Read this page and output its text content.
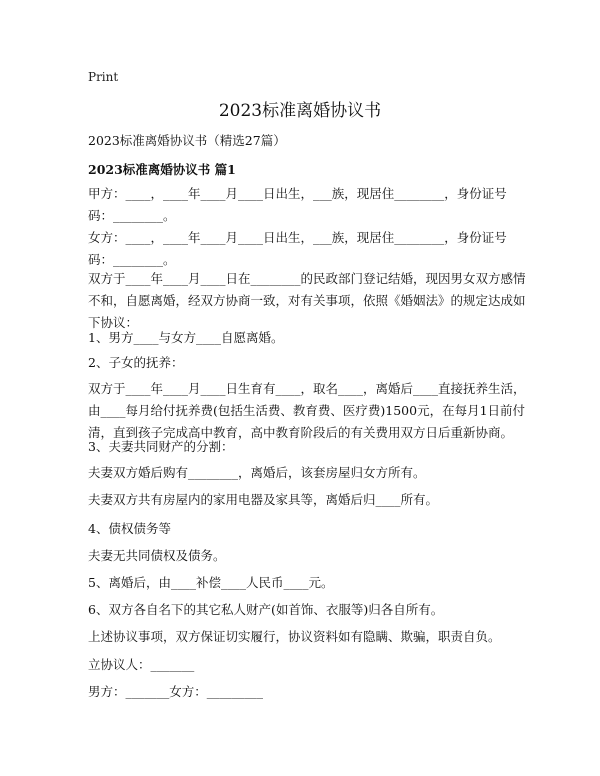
Print
2023标准离婚协议书
2023标准离婚协议书（精选27篇）
2023标准离婚协议书 篇1

甲方：____，____年____月____日出生，___族，现居住________，身份证号码：________。

女方：____，____年____月____日出生，___族，现居住________，身份证号码：________。

双方于____年____月____日在________的民政部门登记结婚，现因男女双方感情不和，自愿离婚，经双方协商一致，对有关事项，依照《婚姻法》的规定达成如下协议：

1、男方____与女方____自愿离婚。

2、子女的抚养：

双方于____年____月____日生育有____，取名____，离婚后____直接抚养生活，由____每月给付抚养费(包括生活费、教育费、医疗费)1500元，在每月1日前付清，直到孩子完成高中教育，高中教育阶段后的有关费用双方日后重新协商。

3、夫妻共同财产的分割：

夫妻双方婚后购有________，离婚后，该套房屋归女方所有。

夫妻双方共有房屋内的家用电器及家具等，离婚后归____所有。

4、债权债务等

夫妻无共同债权及债务。

5、离婚后，由____补偿____人民币____元。

6、双方各自名下的其它私人财产(如首饰、衣服等)归各自所有。

上述协议事项，双方保证切实履行，协议资料如有隐瞒、欺骗，职责自负。

立协议人：_______

男方：_______女方：_________
